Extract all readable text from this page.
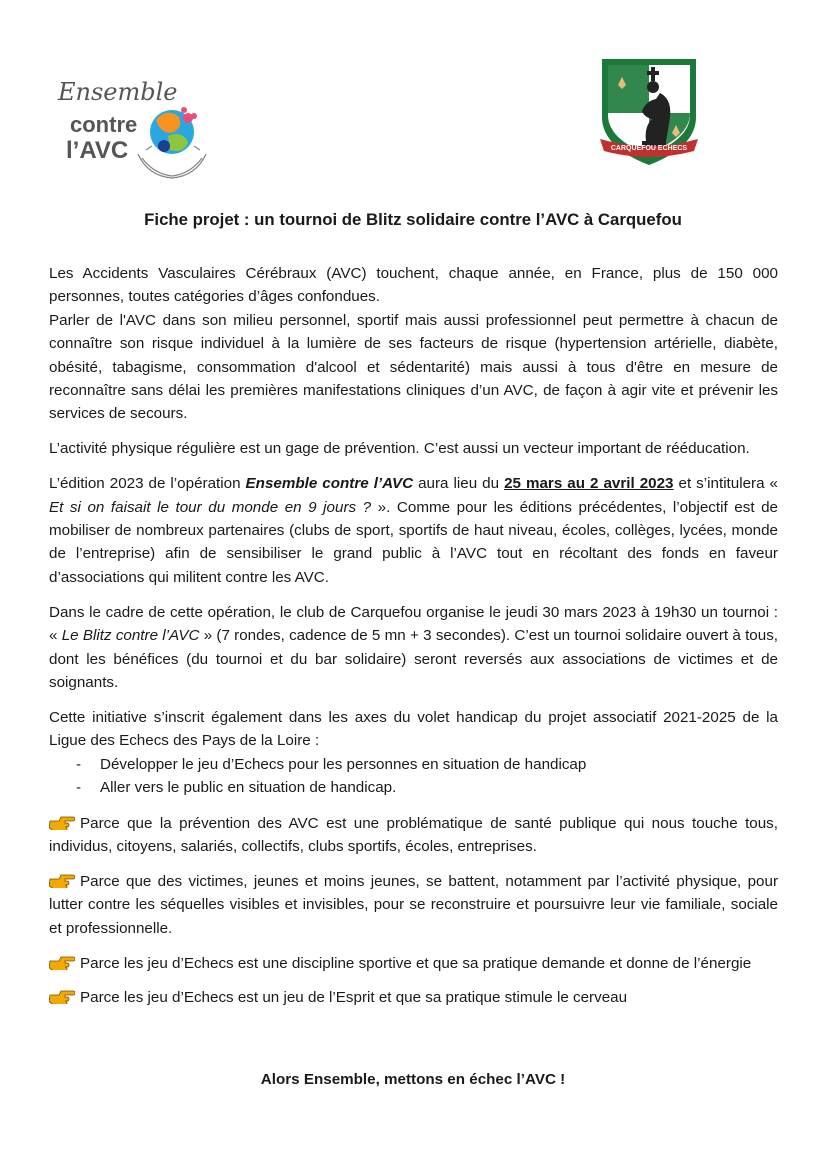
Ensemble
contre
l’AVC	CARQUEFOU ECHECS
Fiche projet : un tournoi de Blitz solidaire contre l’AVC à Carquefou

Les Accidents Vasculaires Cérébraux (AVC) touchent, chaque année, en France, plus de 150 000 personnes, toutes catégories d’âges confondues.

Parler de l'AVC dans son milieu personnel, sportif mais aussi professionnel peut permettre à chacun de connaître son risque individuel à la lumière de ses facteurs de risque (hypertension artérielle, diabète, obésité, tabagisme, consommation d'alcool et sédentarité) mais aussi à tous d'être en mesure de reconnaître sans délai les premières manifestations cliniques d’un AVC, de façon à agir vite et prévenir les services de secours.

L’activité physique régulière est un gage de prévention. C’est aussi un vecteur important de rééducation.

L’édition 2023 de l’opération Ensemble contre l’AVC aura lieu du 25 mars au 2 avril 2023 et s’intitulera « Et si on faisait le tour du monde en 9 jours ? ». Comme pour les éditions précédentes, l’objectif est de mobiliser de nombreux partenaires (clubs de sport, sportifs de haut niveau, écoles, collèges, lycées, monde de l’entreprise) afin de sensibiliser le grand public à l’AVC tout en récoltant des fonds en faveur d’associations qui militent contre les AVC.

Dans le cadre de cette opération, le club de Carquefou organise le jeudi 30 mars 2023 à 19h30 un tournoi : « Le Blitz contre l’AVC » (7 rondes, cadence de 5 mn + 3 secondes). C’est un tournoi solidaire ouvert à tous, dont les bénéfices (du tournoi et du bar solidaire) seront reversés aux associations de victimes et de soignants.

Cette initiative s’inscrit également dans les axes du volet handicap du projet associatif 2021-2025 de la Ligue des Echecs des Pays de la Loire :

- Développer le jeu d’Echecs pour les personnes en situation de handicap
- Aller vers le public en situation de handicap.

Parce que la prévention des AVC est une problématique de santé publique qui nous touche tous, individus, citoyens, salariés, collectifs, clubs sportifs, écoles, entreprises.

Parce que des victimes, jeunes et moins jeunes, se battent, notamment par l’activité physique, pour lutter contre les séquelles visibles et invisibles, pour se reconstruire et poursuivre leur vie familiale, sociale et professionnelle.

Parce les jeu d’Echecs est une discipline sportive et que sa pratique demande et donne de l’énergie

Parce les jeu d’Echecs est un jeu de l’Esprit et que sa pratique stimule le cerveau

Alors Ensemble, mettons en échec l’AVC !
